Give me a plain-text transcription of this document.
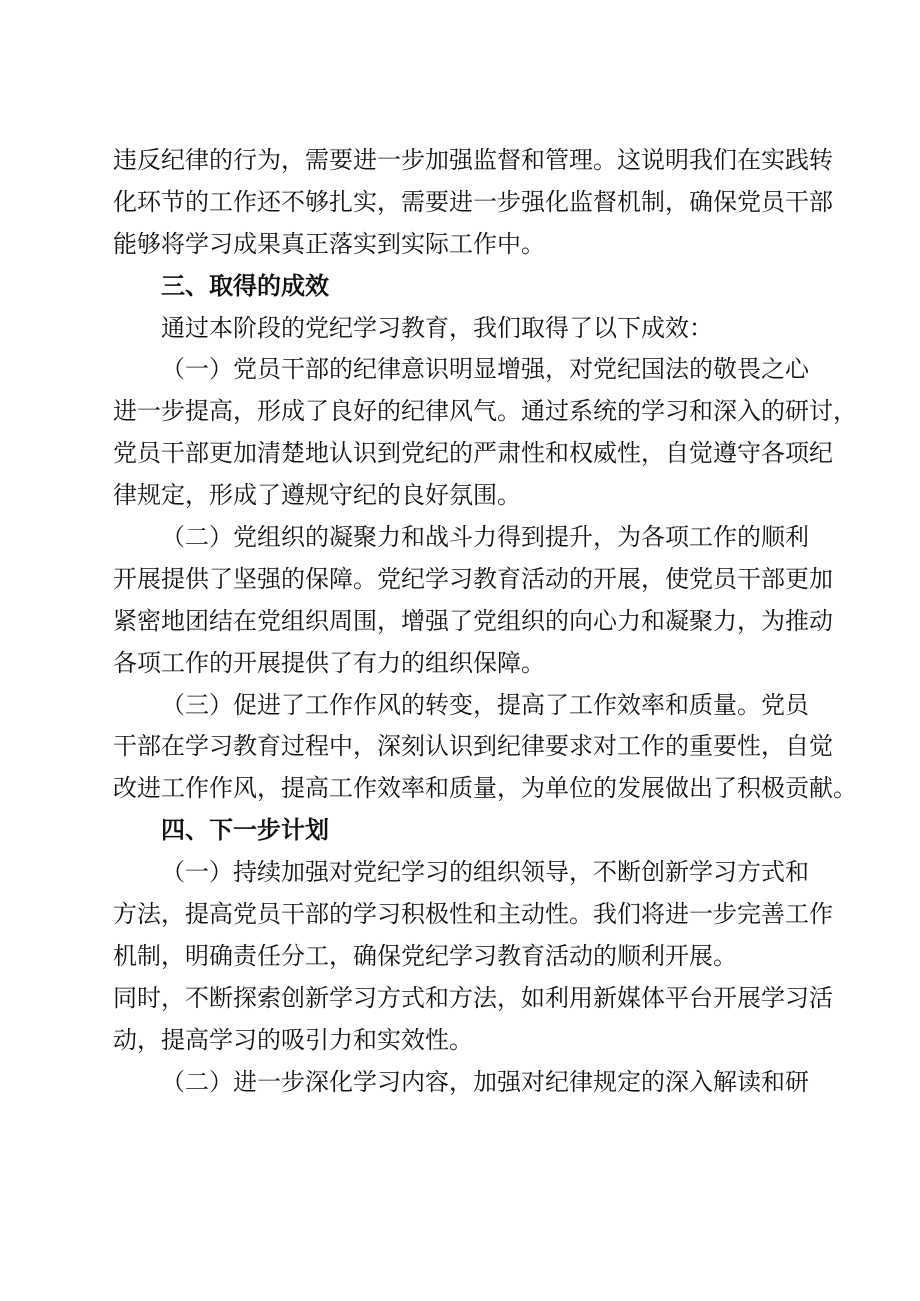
违反纪律的行为，需要进一步加强监督和管理。这说明我们在实践转
化环节的工作还不够扎实，需要进一步强化监督机制，确保党员干部
能够将学习成果真正落实到实际工作中。
三、取得的成效
通过本阶段的党纪学习教育，我们取得了以下成效：
（一）党员干部的纪律意识明显增强，对党纪国法的敬畏之心
进一步提高，形成了良好的纪律风气。通过系统的学习和深入的研讨，
党员干部更加清楚地认识到党纪的严肃性和权威性，自觉遵守各项纪
律规定，形成了遵规守纪的良好氛围。
（二）党组织的凝聚力和战斗力得到提升，为各项工作的顺利
开展提供了坚强的保障。党纪学习教育活动的开展，使党员干部更加
紧密地团结在党组织周围，增强了党组织的向心力和凝聚力，为推动
各项工作的开展提供了有力的组织保障。
（三）促进了工作作风的转变，提高了工作效率和质量。党员
干部在学习教育过程中，深刻认识到纪律要求对工作的重要性，自觉
改进工作作风，提高工作效率和质量，为单位的发展做出了积极贡献。
四、下一步计划
（一）持续加强对党纪学习的组织领导，不断创新学习方式和
方法，提高党员干部的学习积极性和主动性。我们将进一步完善工作
机制，明确责任分工，确保党纪学习教育活动的顺利开展。
同时，不断探索创新学习方式和方法，如利用新媒体平台开展学习活
动，提高学习的吸引力和实效性。
（二）进一步深化学习内容，加强对纪律规定的深入解读和研
